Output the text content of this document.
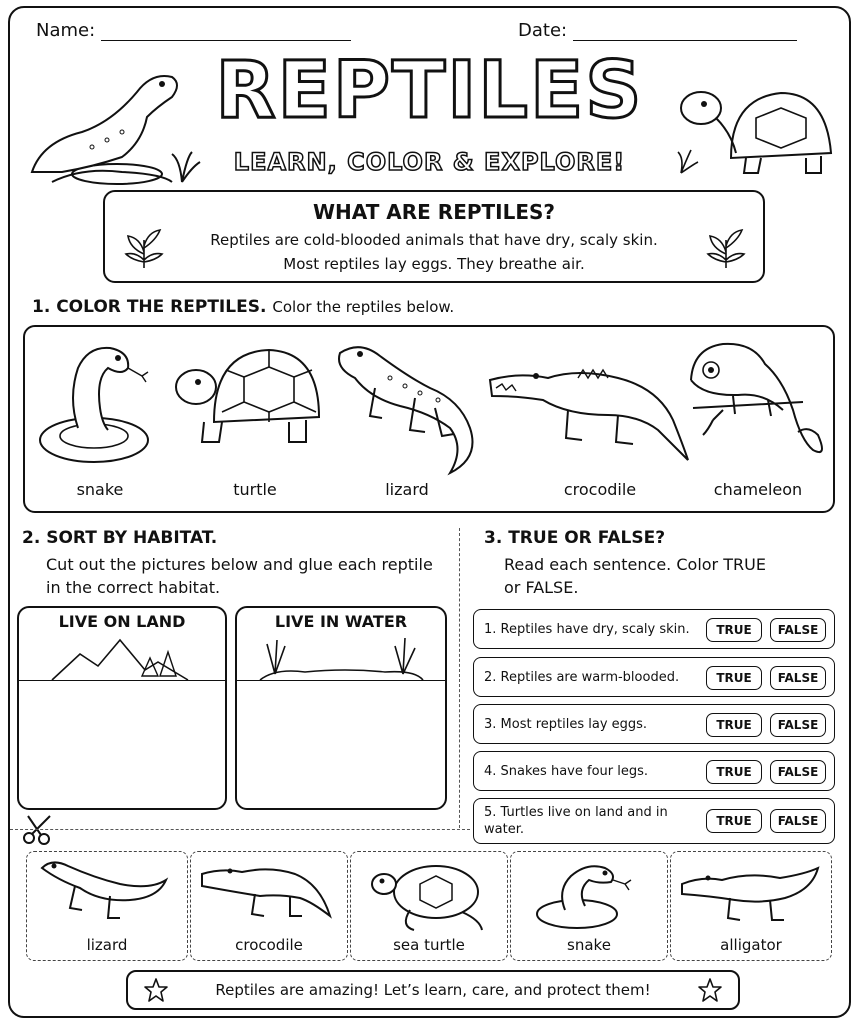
Name:	Date:
REPTILES
LEARN, COLOR & EXPLORE!
WHAT ARE REPTILES?
Reptiles are cold-blooded animals that have dry, scaly skin.
Most reptiles lay eggs. They breathe air.
1. COLOR THE REPTILES. Color the reptiles below.
snake	turtle	lizard	crocodile	chameleon
2. SORT BY HABITAT.
Cut out the pictures below and glue each reptile
in the correct habitat.
LIVE ON LAND	LIVE IN WATER
3. TRUE OR FALSE?
Read each sentence. Color TRUE
or FALSE.
1. Reptiles have dry, scaly skin.	TRUE	FALSE
2. Reptiles are warm-blooded.	TRUE	FALSE
3. Most reptiles lay eggs.	TRUE	FALSE
4. Snakes have four legs.	TRUE	FALSE
5. Turtles live on land and in water.
TRUE	FALSE
lizard	crocodile	sea turtle	snake	alligator
Reptiles are amazing! Let’s learn, care, and protect them!
